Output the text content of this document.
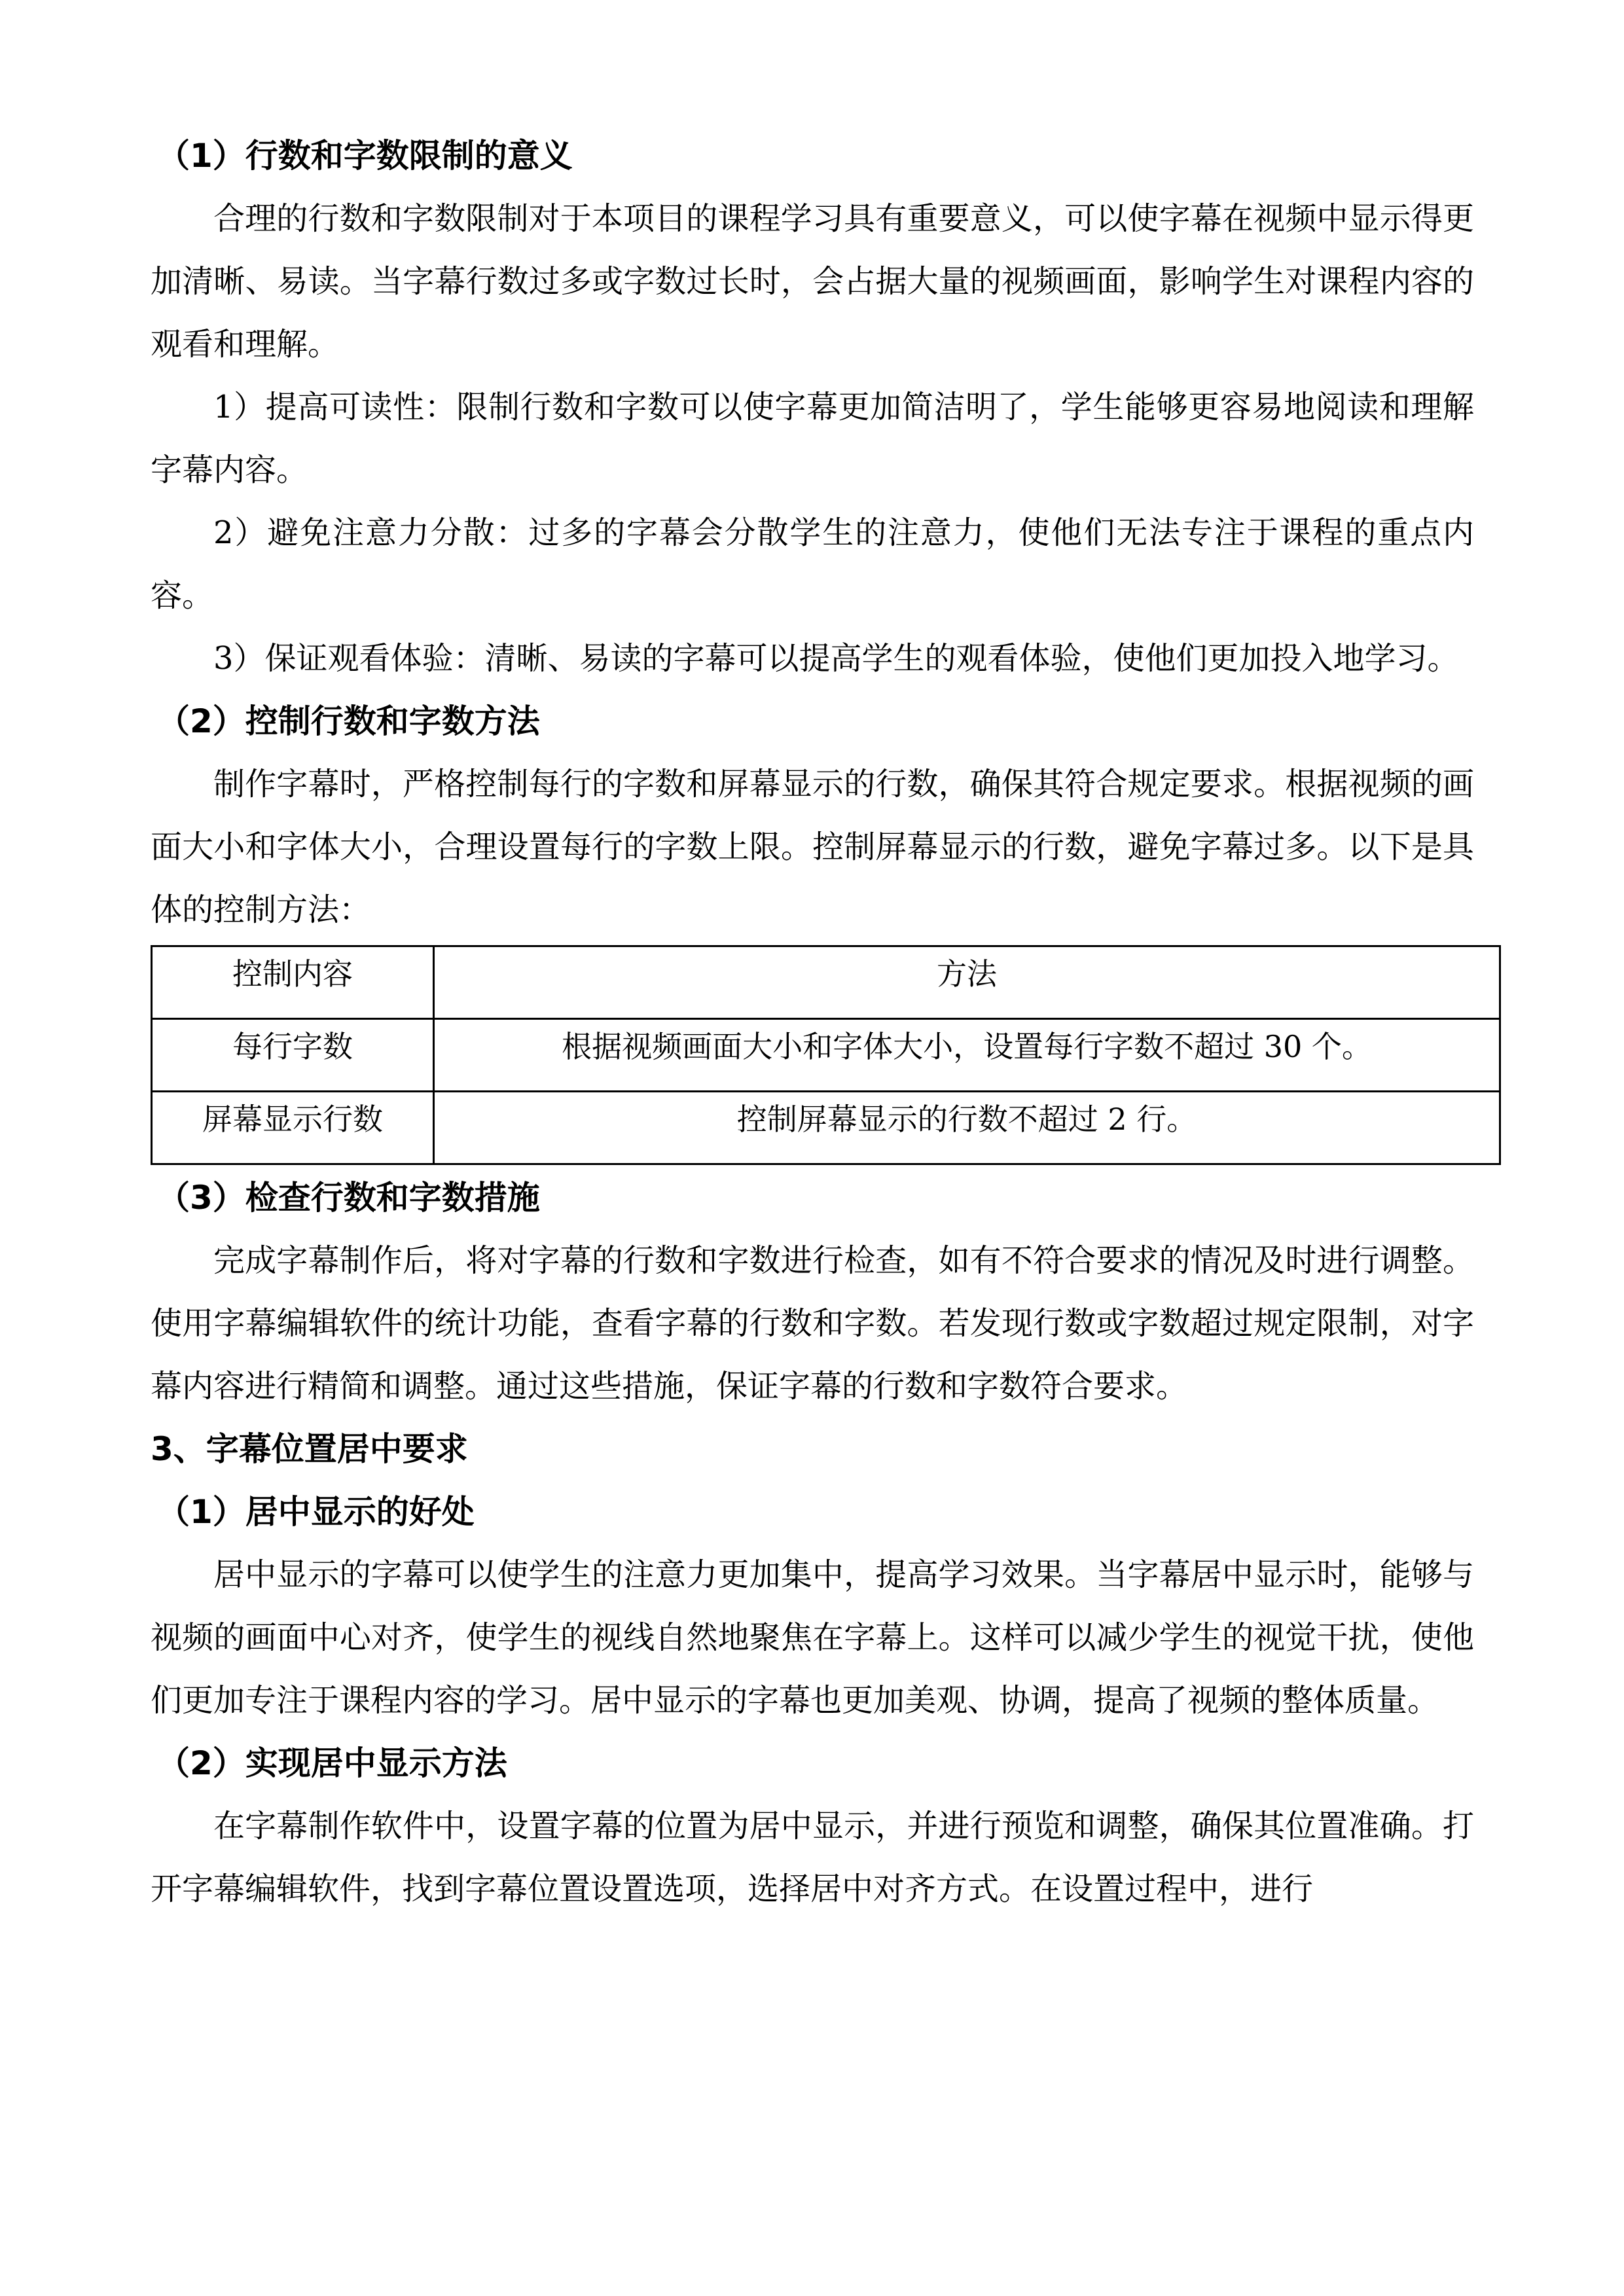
（1）行数和字数限制的意义

合理的行数和字数限制对于本项目的课程学习具有重要意义，可以使字幕在视频中显示得更加清晰、易读。当字幕行数过多或字数过长时，会占据大量的视频画面，影响学生对课程内容的观看和理解。

1）提高可读性：限制行数和字数可以使字幕更加简洁明了，学生能够更容易地阅读和理解字幕内容。

2）避免注意力分散：过多的字幕会分散学生的注意力，使他们无法专注于课程的重点内容。

3）保证观看体验：清晰、易读的字幕可以提高学生的观看体验，使他们更加投入地学习。

（2）控制行数和字数方法

制作字幕时，严格控制每行的字数和屏幕显示的行数，确保其符合规定要求。根据视频的画面大小和字体大小，合理设置每行的字数上限。控制屏幕显示的行数，避免字幕过多。以下是具体的控制方法：

控制内容	方法
每行字数	根据视频画面大小和字体大小，设置每行字数不超过 30 个。
屏幕显示行数	控制屏幕显示的行数不超过 2 行。
（3）检查行数和字数措施

完成字幕制作后，将对字幕的行数和字数进行检查，如有不符合要求的情况及时进行调整。使用字幕编辑软件的统计功能，查看字幕的行数和字数。若发现行数或字数超过规定限制，对字幕内容进行精简和调整。通过这些措施，保证字幕的行数和字数符合要求。

3、字幕位置居中要求
（1）居中显示的好处

居中显示的字幕可以使学生的注意力更加集中，提高学习效果。当字幕居中显示时，能够与视频的画面中心对齐，使学生的视线自然地聚焦在字幕上。这样可以减少学生的视觉干扰，使他们更加专注于课程内容的学习。居中显示的字幕也更加美观、协调，提高了视频的整体质量。

（2）实现居中显示方法

在字幕制作软件中，设置字幕的位置为居中显示，并进行预览和调整，确保其位置准确。打开字幕编辑软件，找到字幕位置设置选项，选择居中对齐方式。在设置过程中，进行
